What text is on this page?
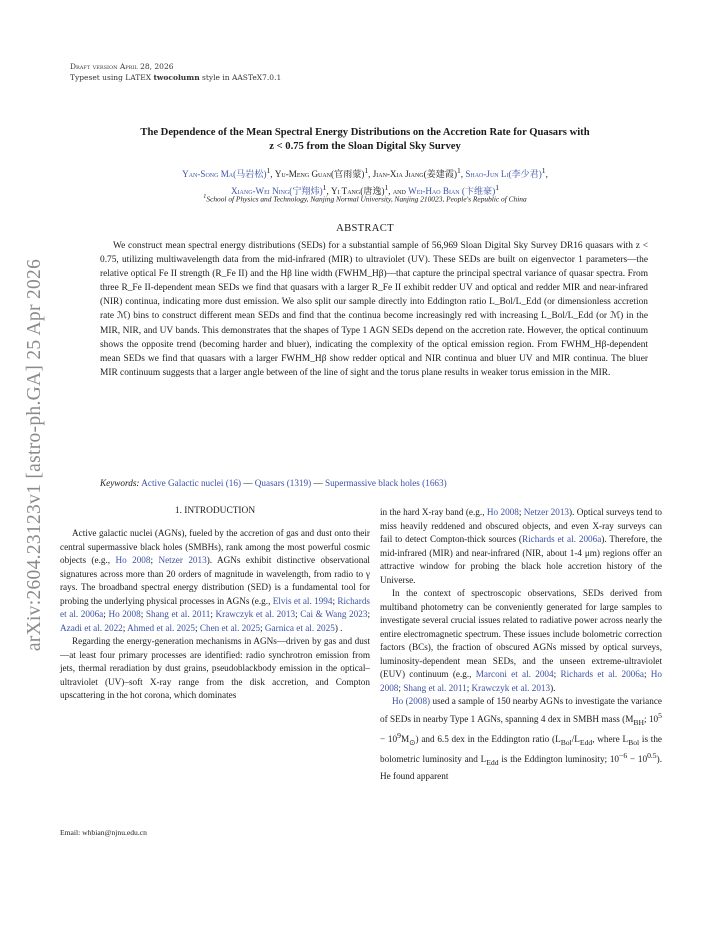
arXiv:2604.23123v1 [astro-ph.GA] 25 Apr 2026
Draft version April 28, 2026
Typeset using LATEX twocolumn style in AASTeX7.0.1
The Dependence of the Mean Spectral Energy Distributions on the Accretion Rate for Quasars with
z < 0.75 from the Sloan Digital Sky Survey
Yan-Song Ma(马岩松)$^1$, Yu-Meng Guan(官雨蒙)$^1$, Jian-Xia Jiang(姜建霞)$^1$, Shao-Jun Li(李少君)$^1$,
Xiang-Wei Ning(宁翔炜)$^1$, Yi Tang(唐逸)$^1$, and Wei-Hao Bian (卞维豪)$^1$
$^1$School of Physics and Technology, Nanjing Normal University, Nanjing 210023, People's Republic of China
ABSTRACT
We construct mean spectral energy distributions (SEDs) for a substantial sample of 56,969 Sloan Digital Sky Survey DR16 quasars with z < 0.75, utilizing multiwavelength data from the mid-infrared (MIR) to ultraviolet (UV). These SEDs are built on eigenvector 1 parameters—the relative optical Fe II strength (R_Fe II) and the Hβ line width (FWHM_Hβ)—that capture the principal spectral variance of quasar spectra. From three R_Fe II-dependent mean SEDs we find that quasars with a larger R_Fe II exhibit redder UV and optical and redder MIR and near-infrared (NIR) continua, indicating more dust emission. We also split our sample directly into Eddington ratio L_Bol/L_Edd (or dimensionless accretion rate ℳ) bins to construct different mean SEDs and find that the continua become increasingly red with increasing L_Bol/L_Edd (or ℳ) in the MIR, NIR, and UV bands. This demonstrates that the shapes of Type 1 AGN SEDs depend on the accretion rate. However, the optical continuum shows the opposite trend (becoming harder and bluer), indicating the complexity of the optical emission region. From FWHM_Hβ-dependent mean SEDs we find that quasars with a larger FWHM_Hβ show redder optical and NIR continua and bluer UV and MIR continua. The bluer MIR continuum suggests that a larger angle between of the line of sight and the torus plane results in weaker torus emission in the MIR.
Keywords: Active Galactic nuclei (16) — Quasars (1319) — Supermassive black holes (1663)
1. INTRODUCTION

Active galactic nuclei (AGNs), fueled by the accretion of gas and dust onto their central supermassive black holes (SMBHs), rank among the most powerful cosmic objects (e.g., Ho 2008; Netzer 2013). AGNs exhibit distinctive observational signatures across more than 20 orders of magnitude in wavelength, from radio to γ rays. The broadband spectral energy distribution (SED) is a fundamental tool for probing the underlying physical processes in AGNs (e.g., Elvis et al. 1994; Richards et al. 2006a; Ho 2008; Shang et al. 2011; Krawczyk et al. 2013; Cai & Wang 2023; Azadi et al. 2022; Ahmed et al. 2025; Chen et al. 2025; Garnica et al. 2025) .

Regarding the energy-generation mechanisms in AGNs—driven by gas and dust—at least four primary processes are identified: radio synchrotron emission from jets, thermal reradiation by dust grains, pseudoblackbody emission in the optical–ultraviolet (UV)–soft X-ray range from the disk accretion, and Compton upscattering in the hot corona, which dominates

Email: whbian@njnu.edu.cn

in the hard X-ray band (e.g., Ho 2008; Netzer 2013). Optical surveys tend to miss heavily reddened and obscured objects, and even X-ray surveys can fail to detect Compton-thick sources (Richards et al. 2006a). Therefore, the mid-infrared (MIR) and near-infrared (NIR, about 1-4 μm) regions offer an attractive window for probing the black hole accretion history of the Universe.

In the context of spectroscopic observations, SEDs derived from multiband photometry can be conveniently generated for large samples to investigate several crucial issues related to radiative power across nearly the entire electromagnetic spectrum. These issues include bolometric correction factors (BCs), the fraction of obscured AGNs missed by optical surveys, luminosity-dependent mean SEDs, and the unseen extreme-ultraviolet (EUV) continuum (e.g., Marconi et al. 2004; Richards et al. 2006a; Ho 2008; Shang et al. 2011; Krawczyk et al. 2013).

Ho (2008) used a sample of 150 nearby AGNs to investigate the variance of SEDs in nearby Type 1 AGNs, spanning 4 dex in SMBH mass ($M_{BH}$; $10^5 - 10^9M_⊙$) and 6.5 dex in the Eddington ratio ($L_{Bol}/L_{Edd}$, where $L_{Bol}$ is the bolometric luminosity and $L_{Edd}$ is the Eddington luminosity; $10^{-6} - 10^{0.5}$). He found apparent
